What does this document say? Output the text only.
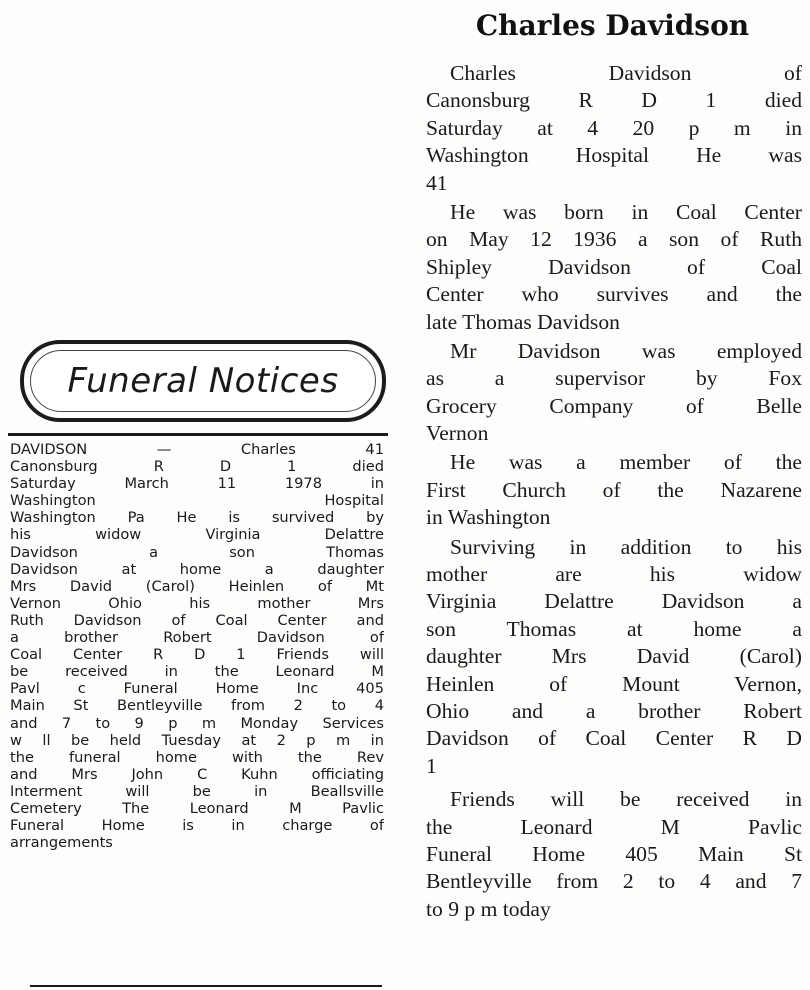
Charles Davidson
Charles Davidson of
Canonsburg R D 1 died
Saturday at 4 20 p m in
Washington Hospital He was
41
He was born in Coal Center
on May 12 1936 a son of Ruth
Shipley Davidson of Coal
Center who survives and the
late Thomas Davidson
Mr Davidson was employed
as a supervisor by Fox
Grocery Company of Belle
Vernon
He was a member of the
First Church of the Nazarene
in Washington
Surviving in addition to his
mother are his widow
Virginia Delattre Davidson a
son Thomas at home a
daughter Mrs David (Carol)
Heinlen of Mount Vernon,
Ohio and a brother Robert
Davidson of Coal Center R D
1
Friends will be received in
the Leonard M Pavlic
Funeral Home 405 Main St
Bentleyville from 2 to 4 and 7
to 9 p m today
Funeral Notices
DAVIDSON — Charles 41
Canonsburg R D 1 died
Saturday March 11 1978 in
Washington Hospital
Washington Pa He is survived by
his widow Virginia Delattre
Davidson a son Thomas
Davidson at home a daughter
Mrs David (Carol) Heinlen of Mt
Vernon Ohio his mother Mrs
Ruth Davidson of Coal Center and
a brother Robert Davidson of
Coal Center R D 1 Friends will
be received in the Leonard M
Pavl c Funeral Home Inc 405
Main St Bentleyville from 2 to 4
and 7 to 9 p m Monday Services
w ll be held Tuesday at 2 p m in
the funeral home with the Rev
and Mrs John C Kuhn officiating
Interment will be in Beallsville
Cemetery The Leonard M Pavlic
Funeral Home is in charge of
arrangements
